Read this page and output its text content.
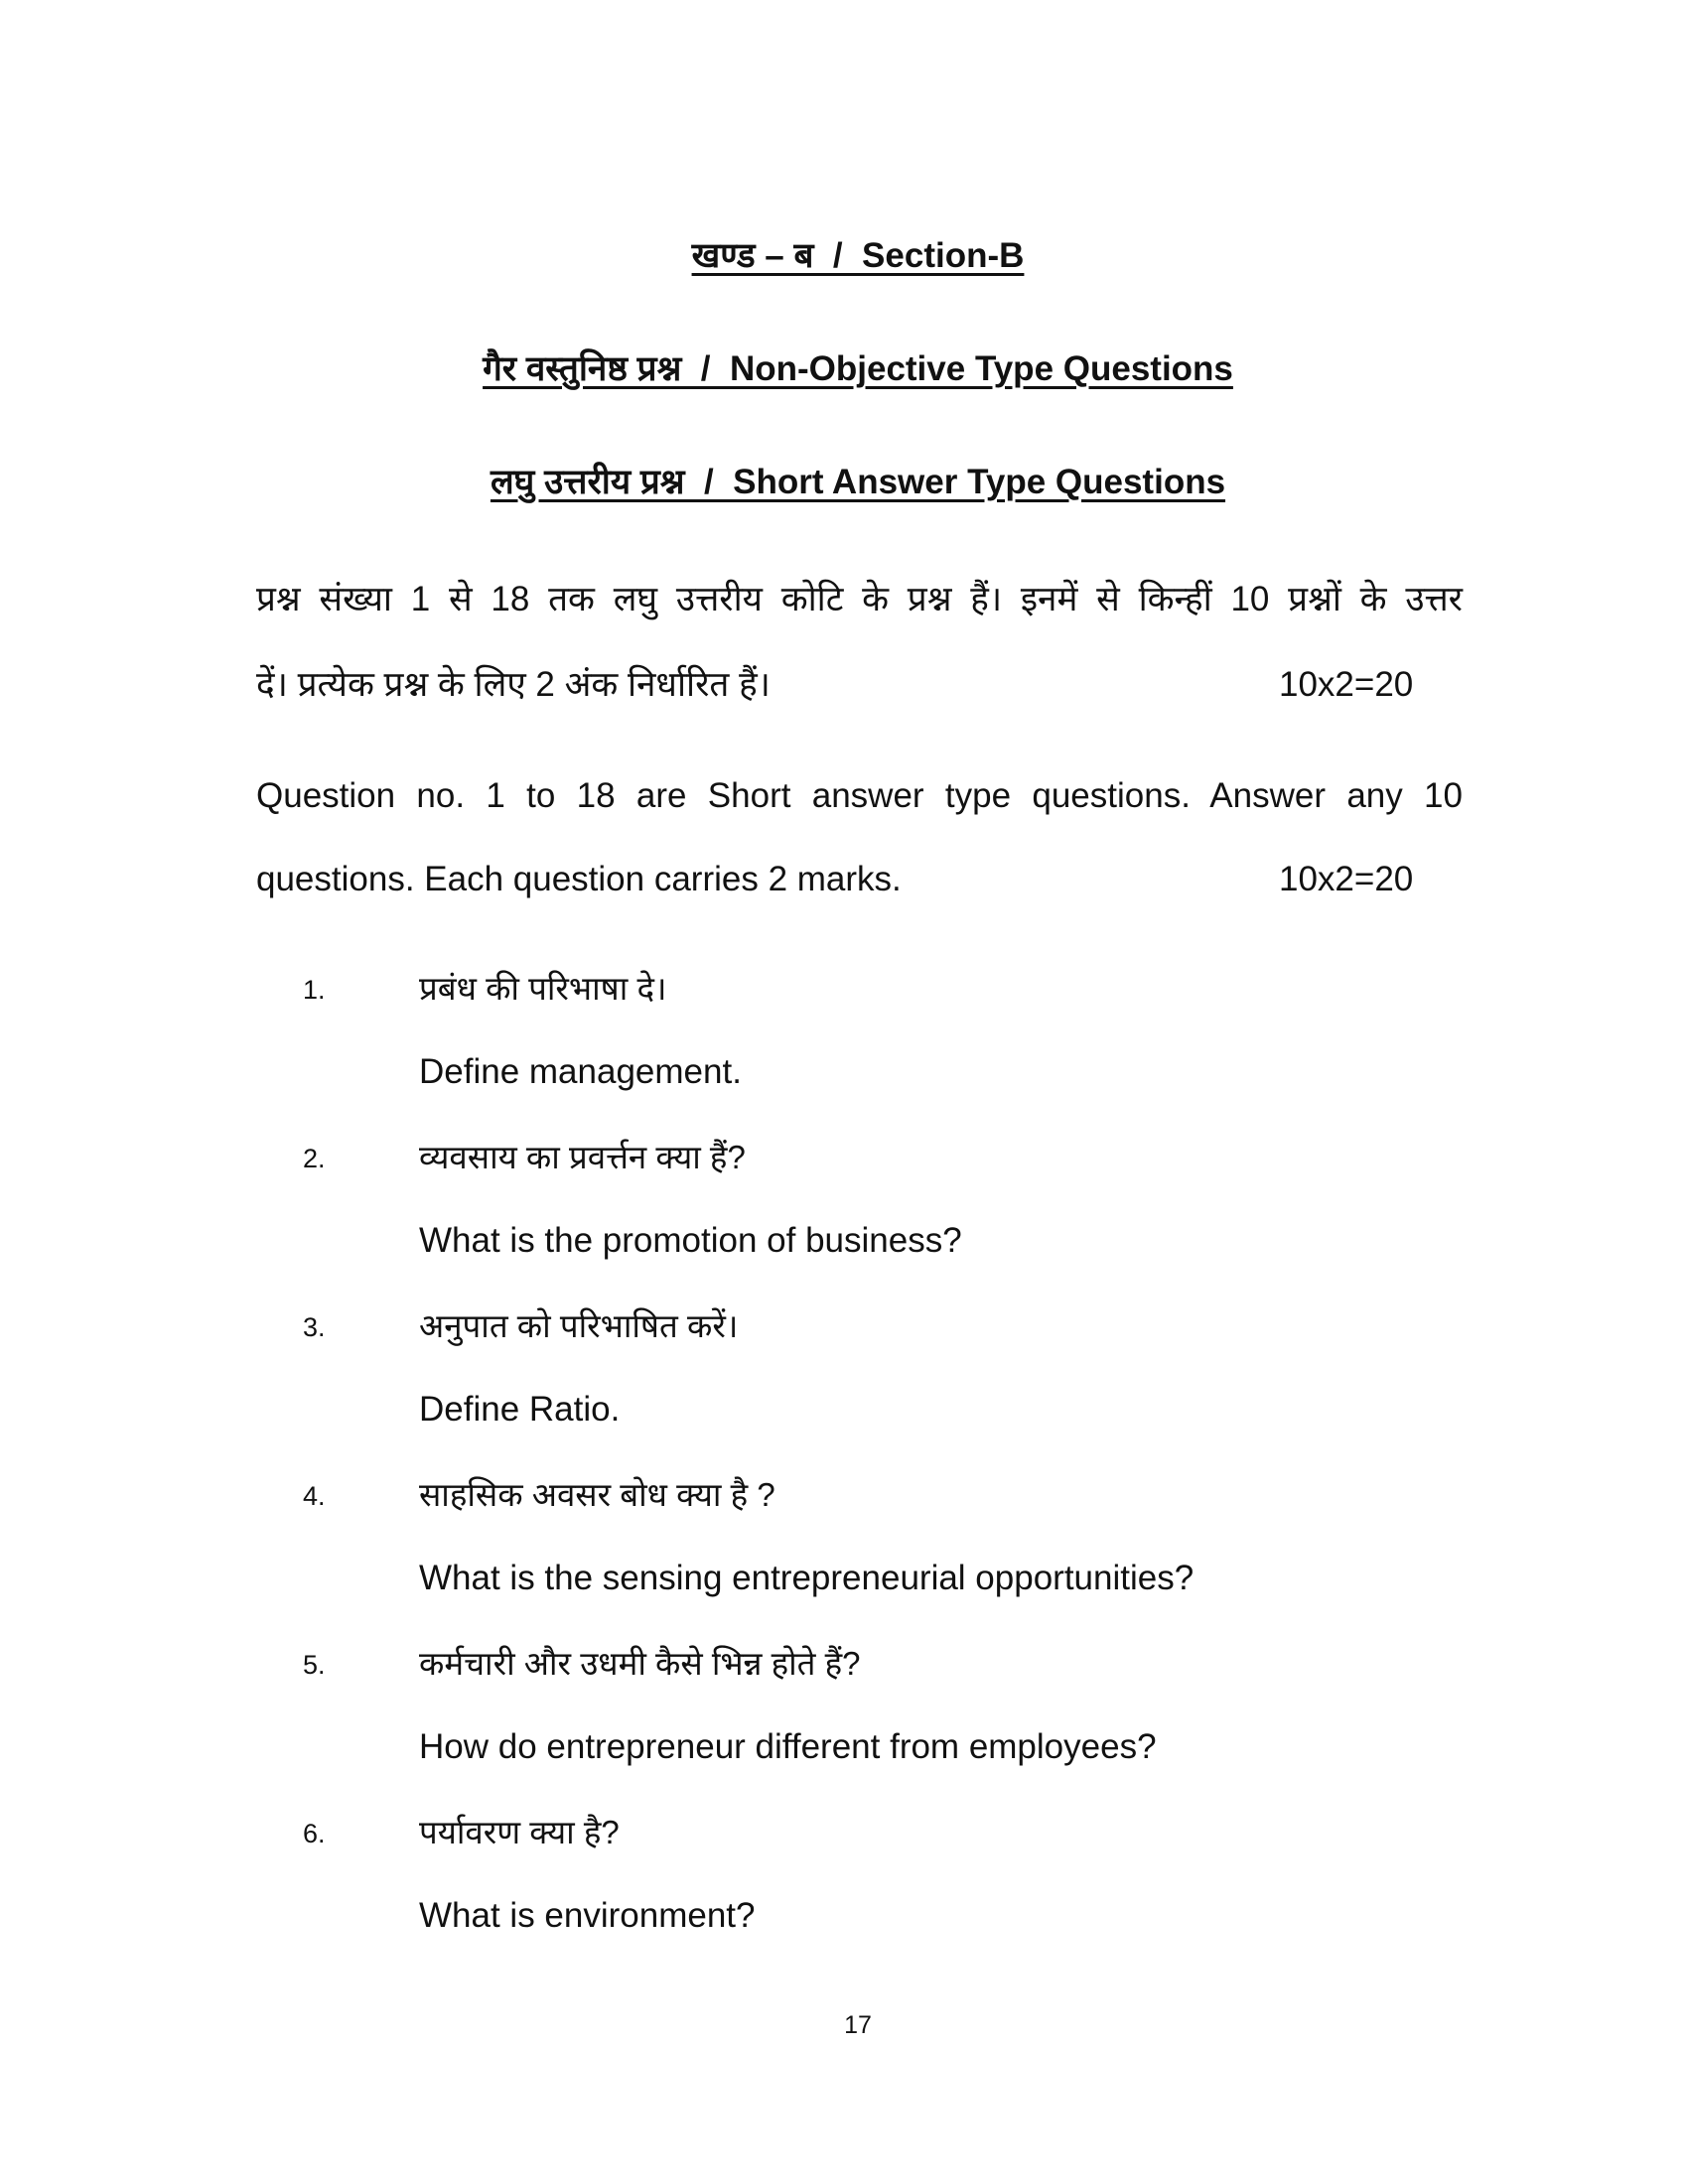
खण्ड – ब  /  Section-B
गैर वस्तुनिष्ठ प्रश्न  /  Non-Objective Type Questions
लघु उत्तरीय प्रश्न  /  Short Answer Type Questions
प्रश्न संख्या 1 से 18 तक लघु उत्तरीय कोटि के प्रश्न हैं। इनमें से किन्हीं 10 प्रश्नों के उत्तर
दें। प्रत्येक प्रश्न के लिए 2 अंक निर्धारित हैं।	10x2=20
Question no. 1 to 18 are Short answer type questions. Answer any 10
questions. Each question carries 2 marks.	10x2=20
1.	प्रबंध की परिभाषा दे।
Define management.
2.	व्यवसाय का प्रवर्त्तन क्या हैं?
What is the promotion of business?
3.	अनुपात को परिभाषित करें।
Define Ratio.
4.	साहसिक अवसर बोध क्या है ?
What is the sensing entrepreneurial opportunities?
5.	कर्मचारी और उधमी कैसे भिन्न होते हैं?
How do entrepreneur different from employees?
6.	पर्यावरण क्या है?
What is environment?
17
